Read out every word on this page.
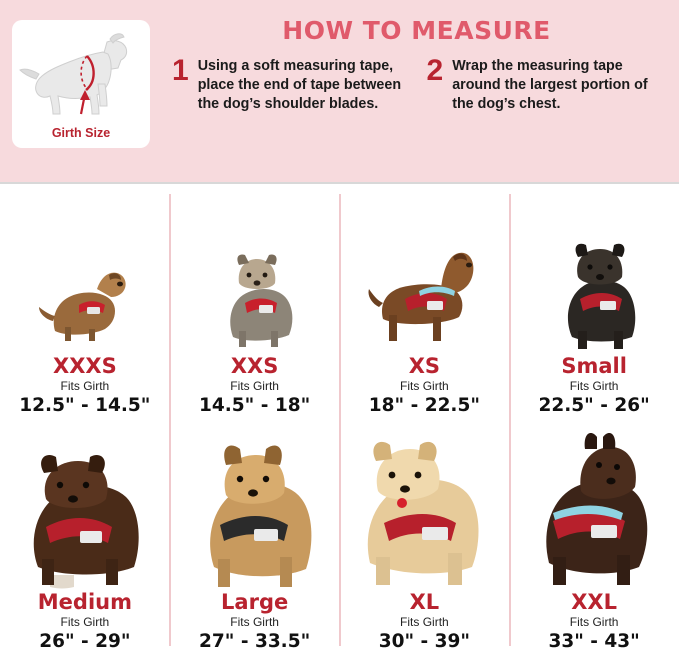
Girth Size
HOW TO MEASURE
1 Using a soft measuring tape, place the end of tape between the dog’s shoulder blades.
2 Wrap the measuring tape around the largest portion of the dog’s chest.
XXXS
Fits Girth
12.5" - 14.5"
XXS
Fits Girth
14.5" - 18"
XS
Fits Girth
18" - 22.5"
Small
Fits Girth
22.5" - 26"
Medium
Fits Girth
26" - 29"
Large
Fits Girth
27" - 33.5"
XL
Fits Girth
30" - 39"
XXL
Fits Girth
33" - 43"
